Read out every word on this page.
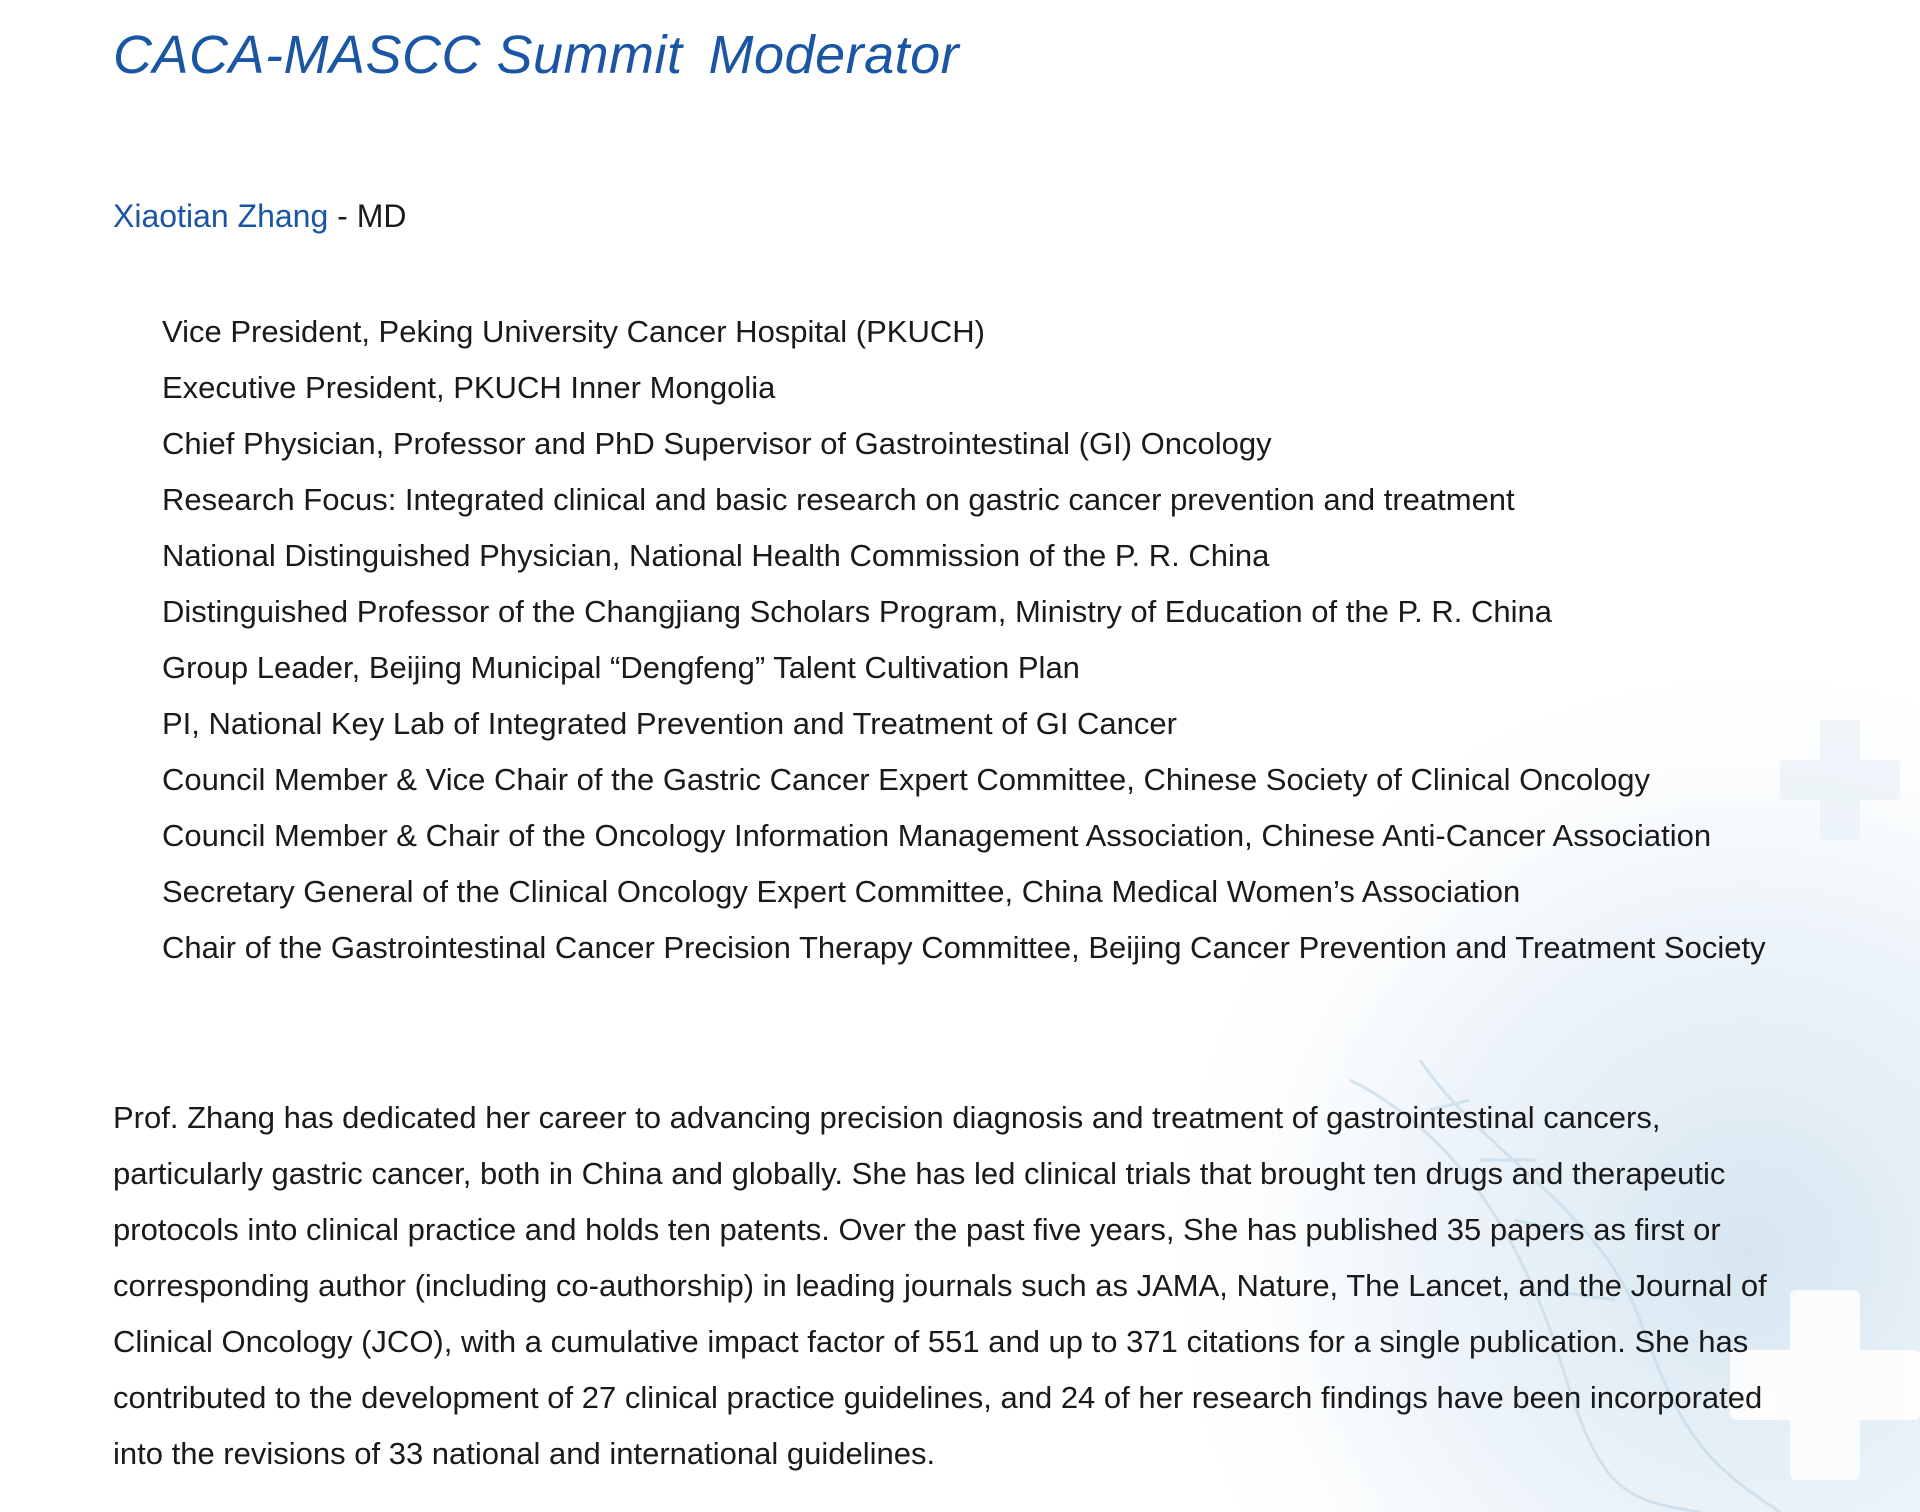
CACA-MASCC Summit Moderator
Xiaotian Zhang - MD
Vice President, Peking University Cancer Hospital (PKUCH)
Executive President, PKUCH Inner Mongolia
Chief Physician, Professor and PhD Supervisor of Gastrointestinal (GI) Oncology
Research Focus: Integrated clinical and basic research on gastric cancer prevention and treatment
National Distinguished Physician, National Health Commission of the P. R. China
Distinguished Professor of the Changjiang Scholars Program, Ministry of Education of the P. R. China
Group Leader, Beijing Municipal “Dengfeng” Talent Cultivation Plan
PI, National Key Lab of Integrated Prevention and Treatment of GI Cancer
Council Member & Vice Chair of the Gastric Cancer Expert Committee, Chinese Society of Clinical Oncology
Council Member & Chair of the Oncology Information Management Association, Chinese Anti-Cancer Association
Secretary General of the Clinical Oncology Expert Committee, China Medical Women’s Association
Chair of the Gastrointestinal Cancer Precision Therapy Committee, Beijing Cancer Prevention and Treatment Society

Prof. Zhang has dedicated her career to advancing precision diagnosis and treatment of gastrointestinal cancers, particularly gastric cancer, both in China and globally. She has led clinical trials that brought ten drugs and therapeutic protocols into clinical practice and holds ten patents. Over the past five years, She has published 35 papers as first or corresponding author (including co-authorship) in leading journals such as JAMA, Nature, The Lancet, and the Journal of Clinical Oncology (JCO), with a cumulative impact factor of 551 and up to 371 citations for a single publication. She has contributed to the development of 27 clinical practice guidelines, and 24 of her research findings have been incorporated into the revisions of 33 national and international guidelines.
